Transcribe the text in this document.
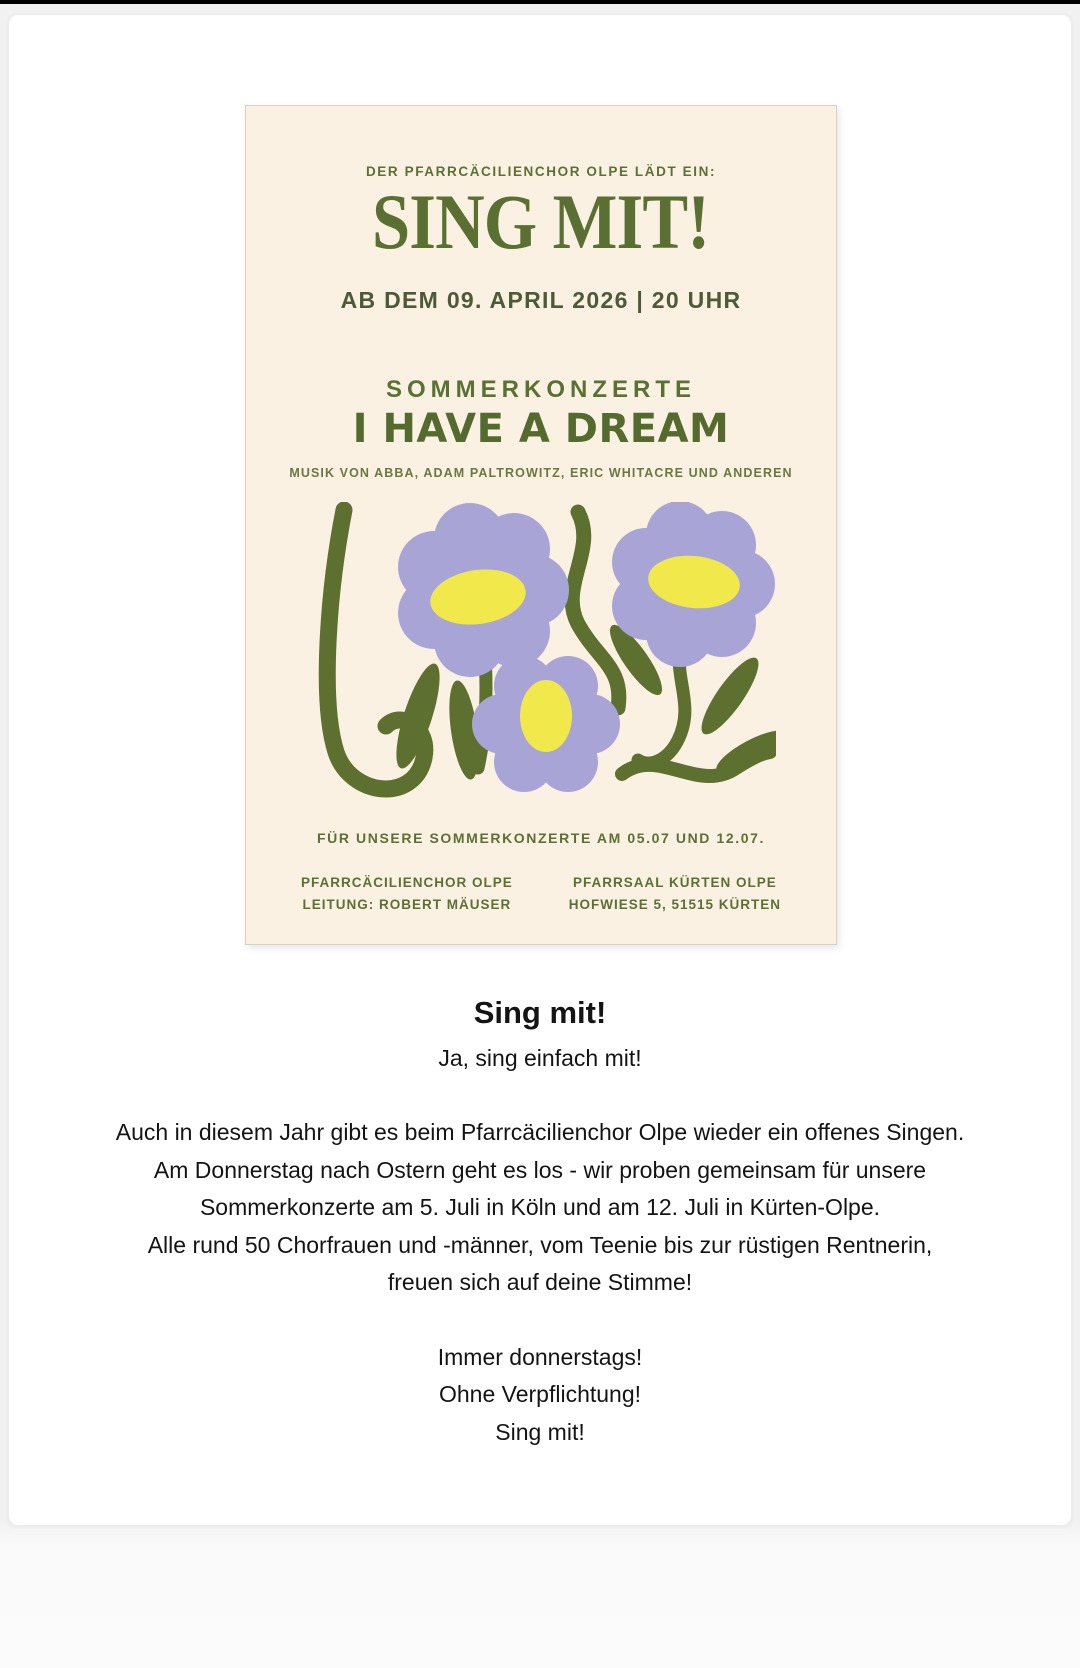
DER PFARRCÄCILIENCHOR OLPE LÄDT EIN:
SING MIT!
AB DEM 09. APRIL 2026 | 20 UHR
SOMMERKONZERTE
I HAVE A DREAM
MUSIK VON ABBA, ADAM PALTROWITZ, ERIC WHITACRE UND ANDEREN
FÜR UNSERE SOMMERKONZERTE AM 05.07 UND 12.07.
PFARRCÄCILIENCHOR OLPE
LEITUNG: ROBERT MÄUSER
PFARRSAAL KÜRTEN OLPE
HOFWIESE 5, 51515 KÜRTEN

Sing mit!

Ja, sing einfach mit!
Auch in diesem Jahr gibt es beim Pfarrcäcilienchor Olpe wieder ein offenes Singen.
Am Donnerstag nach Ostern geht es los - wir proben gemeinsam für unsere
Sommerkonzerte am 5. Juli in Köln und am 12. Juli in Kürten-Olpe.
Alle rund 50 Chorfrauen und -männer, vom Teenie bis zur rüstigen Rentnerin,
freuen sich auf deine Stimme!
Immer donnerstags!
Ohne Verpflichtung!
Sing mit!
